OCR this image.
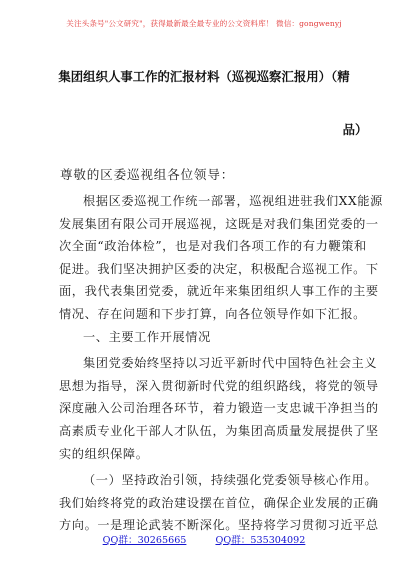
关注头条号"公文研究"，获得最新最全最专业的公文资料库！ 微信：gongwenyj
集团组织人事工作的汇报材料（巡视巡察汇报用）（精
品）
尊敬的区委巡视组各位领导：
根据区委巡视工作统一部署，巡视组进驻我们XX能源
发展集团有限公司开展巡视，这既是对我们集团党委的一
次全面“政治体检”，也是对我们各项工作的有力鞭策和
促进。我们坚决拥护区委的决定，积极配合巡视工作。下
面，我代表集团党委，就近年来集团组织人事工作的主要
情况、存在问题和下步打算，向各位领导作如下汇报。
一、主要工作开展情况
集团党委始终坚持以习近平新时代中国特色社会主义
思想为指导，深入贯彻新时代党的组织路线，将党的领导
深度融入公司治理各环节，着力锻造一支忠诚干净担当的
高素质专业化干部人才队伍，为集团高质量发展提供了坚
实的组织保障。
QQ群：30265665	QQ群：535304092
（一）坚持政治引领，持续强化党委领导核心作用。
我们始终将党的政治建设摆在首位，确保企业发展的正确
方向。一是理论武装不断深化。坚持将学习贯彻习近平总
